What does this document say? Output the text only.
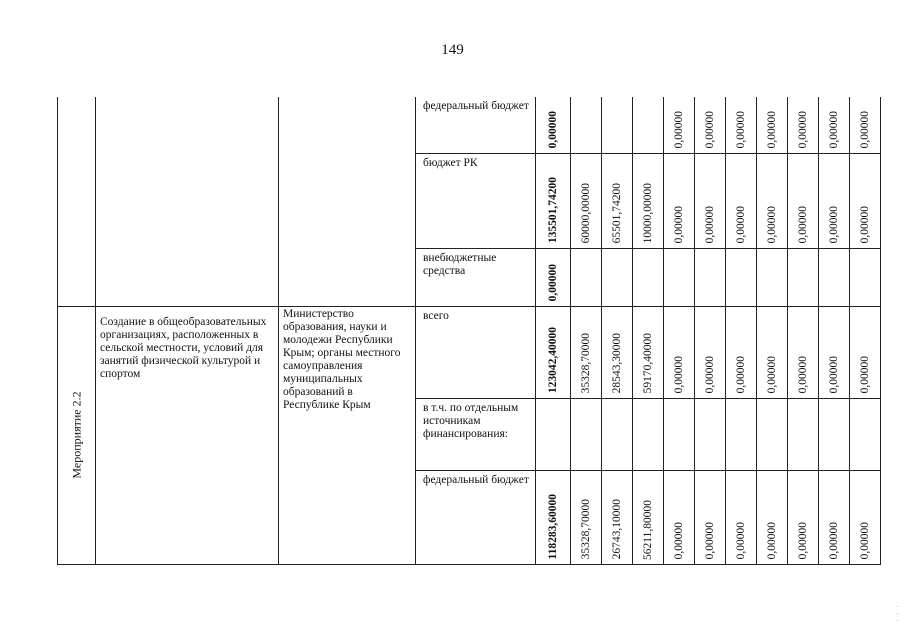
149

			федеральный бюджет	0,00000				0,00000	0,00000	0,00000	0,00000	0,00000	0,00000	0,00000

			бюджет РК	135501,74200	60000,00000	65501,74200	10000,00000	0,00000	0,00000	0,00000	0,00000	0,00000	0,00000	0,00000

			внебюджетные средства	0,00000										

Мероприятие 2.2	Создание в общеобразовательных организациях, расположенных в сельской местности, условий для занятий физической культурой и спортом	Министерство образования, науки и молодежи Республики Крым; органы местного самоуправления муниципальных образований в Республике Крым	всего	123042,40000	35328,70000	28543,30000	59170,40000	0,00000	0,00000	0,00000	0,00000	0,00000	0,00000	0,00000

			в т.ч. по отдельным источникам финансирования:											

			федеральный бюджет	118283,60000	35328,70000	26743,10000	56211,80000	0,00000	0,00000	0,00000	0,00000	0,00000	0,00000	0,00000
